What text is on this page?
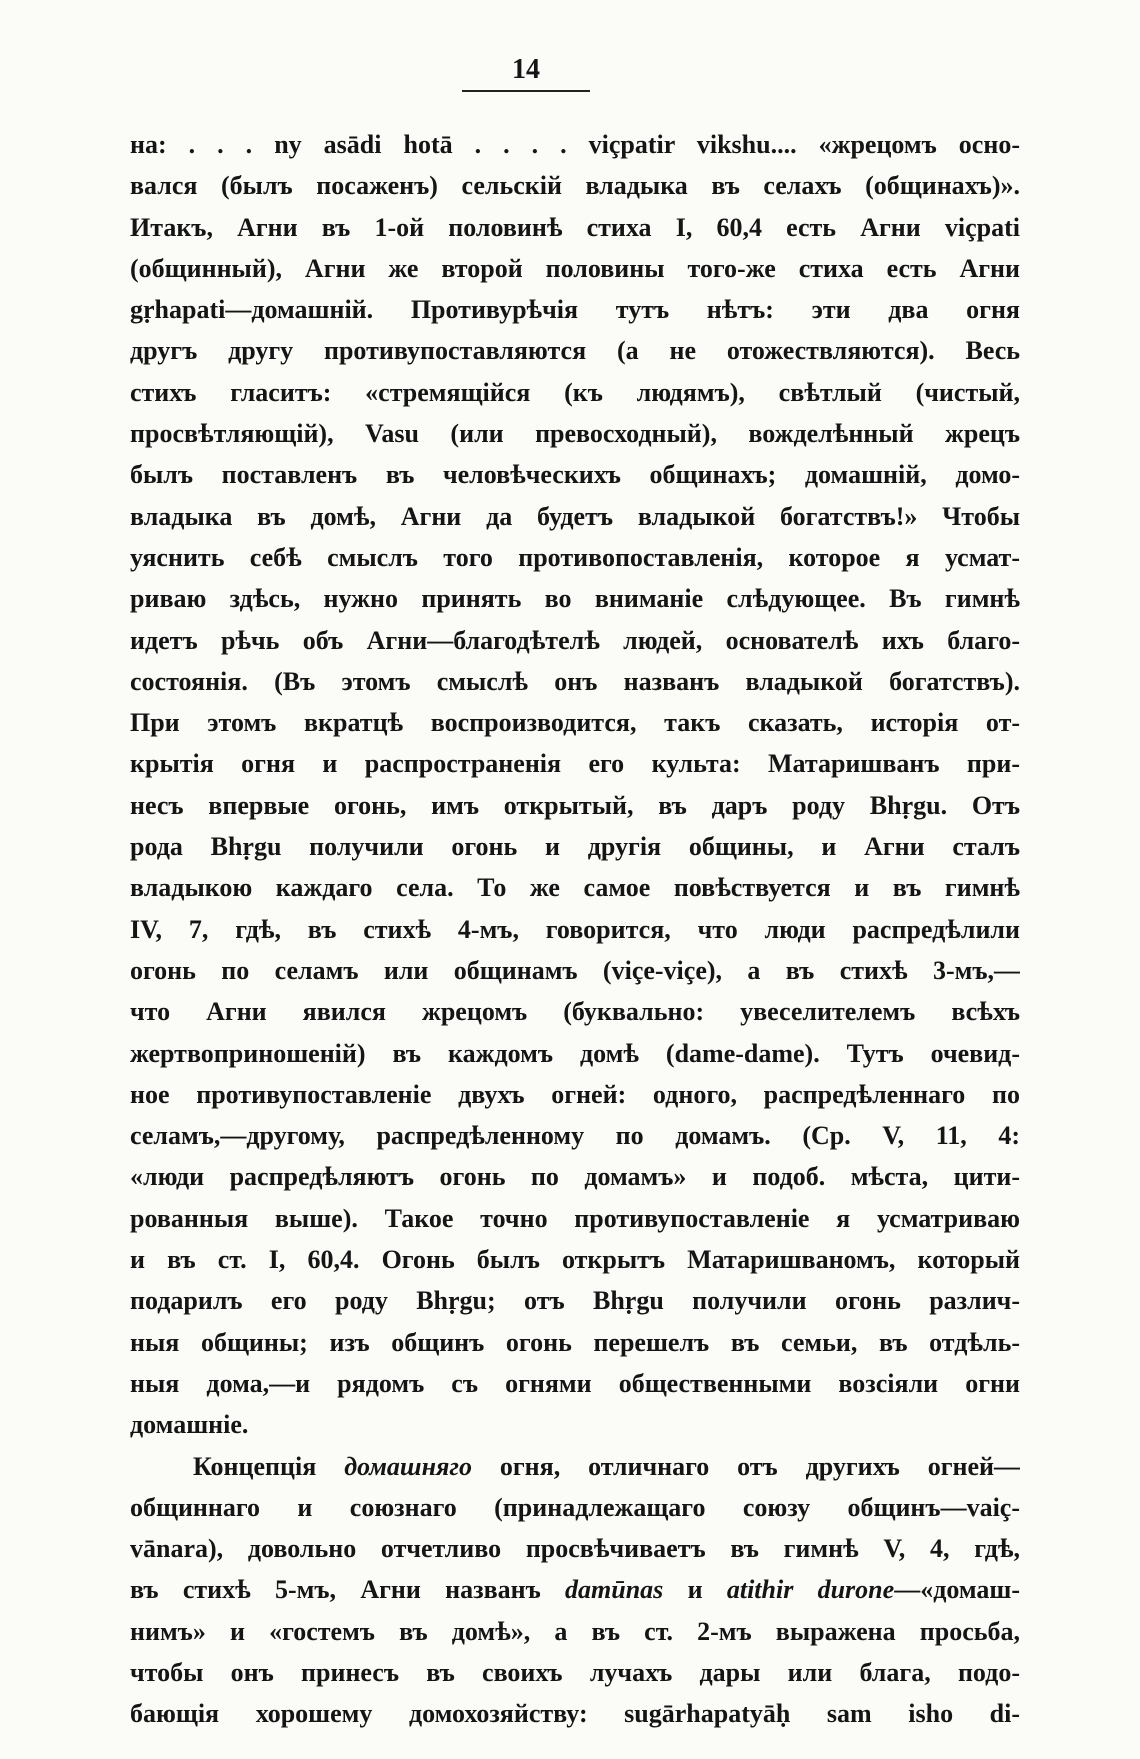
14
на: . . . ny asādi hotā . . . . viçpatir vikshu.... «жрецомъ осно-
вался (былъ посаженъ) сельскій владыка въ селахъ (общинахъ)».
Итакъ, Агни въ 1-ой половинѣ стиха I, 60,4 есть Агни viçpati
(общинный), Агни же второй половины того-же стиха есть Агни
gṛhapati—домашній. Противурѣчія тутъ нѣтъ: эти два огня
другъ другу противупоставляются (а не отожествляются). Весь
стихъ гласитъ: «стремящійся (къ людямъ), свѣтлый (чистый,
просвѣтляющій), Vasu (или превосходный), вожделѣнный жрецъ
былъ поставленъ въ человѣческихъ общинахъ; домашній, домо-
владыка въ домѣ, Агни да будетъ владыкой богатствъ!» Чтобы
уяснить себѣ смыслъ того противопоставленія, которое я усмат-
риваю здѣсь, нужно принять во вниманіе слѣдующее. Въ гимнѣ
идетъ рѣчь объ Агни—благодѣтелѣ людей, основателѣ ихъ благо-
состоянія. (Въ этомъ смыслѣ онъ названъ владыкой богатствъ).
При этомъ вкратцѣ воспроизводится, такъ сказать, исторія от-
крытія огня и распространенія его культа: Матаришванъ при-
несъ впервые огонь, имъ открытый, въ даръ роду Bhṛgu. Отъ
рода Bhṛgu получили огонь и другія общины, и Агни сталъ
владыкою каждаго села. То же самое повѣствуется и въ гимнѣ
IV, 7, гдѣ, въ стихѣ 4-мъ, говорится, что люди распредѣлили
огонь по селамъ или общинамъ (viçe-viçe), а въ стихѣ 3-мъ,—
что Агни явился жрецомъ (буквально: увеселителемъ всѣхъ
жертвоприношеній) въ каждомъ домѣ (dame-dame). Тутъ очевид-
ное противупоставленіе двухъ огней: одного, распредѣленнаго по
селамъ,—другому, распредѣленному по домамъ. (Ср. V, 11, 4:
«люди распредѣляютъ огонь по домамъ» и подоб. мѣста, цити-
рованныя выше). Такое точно противупоставленіе я усматриваю
и въ ст. I, 60,4. Огонь былъ открытъ Матаришваномъ, который
подарилъ его роду Bhṛgu; отъ Bhṛgu получили огонь различ-
ныя общины; изъ общинъ огонь перешелъ въ семьи, въ отдѣль-
ныя дома,—и рядомъ съ огнями общественными возсіяли огни
домашніе.
Концепція домашняго огня, отличнаго отъ другихъ огней—
общиннаго и союзнаго (принадлежащаго союзу общинъ—vaiç-
vānara), довольно отчетливо просвѣчиваетъ въ гимнѣ V, 4, гдѣ,
въ стихѣ 5-мъ, Агни названъ damūnas и atithir durone—«домаш-
нимъ» и «гостемъ въ домѣ», а въ ст. 2-мъ выражена просьба,
чтобы онъ принесъ въ своихъ лучахъ дары или блага, подо-
бающія хорошему домохозяйству: sugārhapatyāḥ sam isho di-
